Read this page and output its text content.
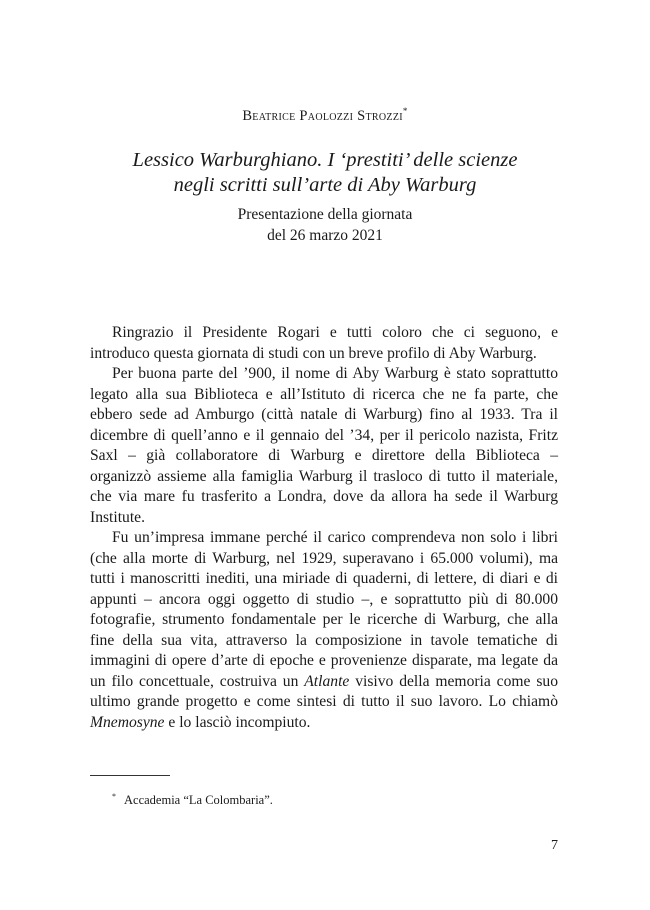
Beatrice Paolozzi Strozzi*
Lessico Warburghiano. I ‘prestiti’ delle scienze
negli scritti sull’arte di Aby Warburg
Presentazione della giornata
del 26 marzo 2021

Ringrazio il Presidente Rogari e tutti coloro che ci seguono, e introduco questa giornata di studi con un breve profilo di Aby Warburg.

Per buona parte del ’900, il nome di Aby Warburg è stato soprattutto legato alla sua Biblioteca e all’Istituto di ricerca che ne fa parte, che ebbero sede ad Amburgo (città natale di Warburg) fino al 1933. Tra il dicembre di quell’anno e il gennaio del ’34, per il pericolo nazista, Fritz Saxl – già collaboratore di Warburg e direttore della Biblioteca – organizzò assieme alla famiglia Warburg il trasloco di tutto il materiale, che via mare fu trasferito a Londra, dove da allora ha sede il Warburg Institute.

Fu un’impresa immane perché il carico comprendeva non solo i libri (che alla morte di Warburg, nel 1929, superavano i 65.000 volumi), ma tutti i manoscritti inediti, una miriade di quaderni, di lettere, di diari e di appunti – ancora oggi oggetto di studio –, e soprattutto più di 80.000 fotografie, strumento fondamentale per le ricerche di Warburg, che alla fine della sua vita, attraverso la composizione in tavole tematiche di immagini di opere d’arte di epoche e provenienze disparate, ma legate da un filo concettuale, costruiva un Atlante visivo della memoria come suo ultimo grande progetto e come sintesi di tutto il suo lavoro. Lo chiamò Mnemosyne e lo lasciò incompiuto.

* Accademia “La Colombaria”.
7
